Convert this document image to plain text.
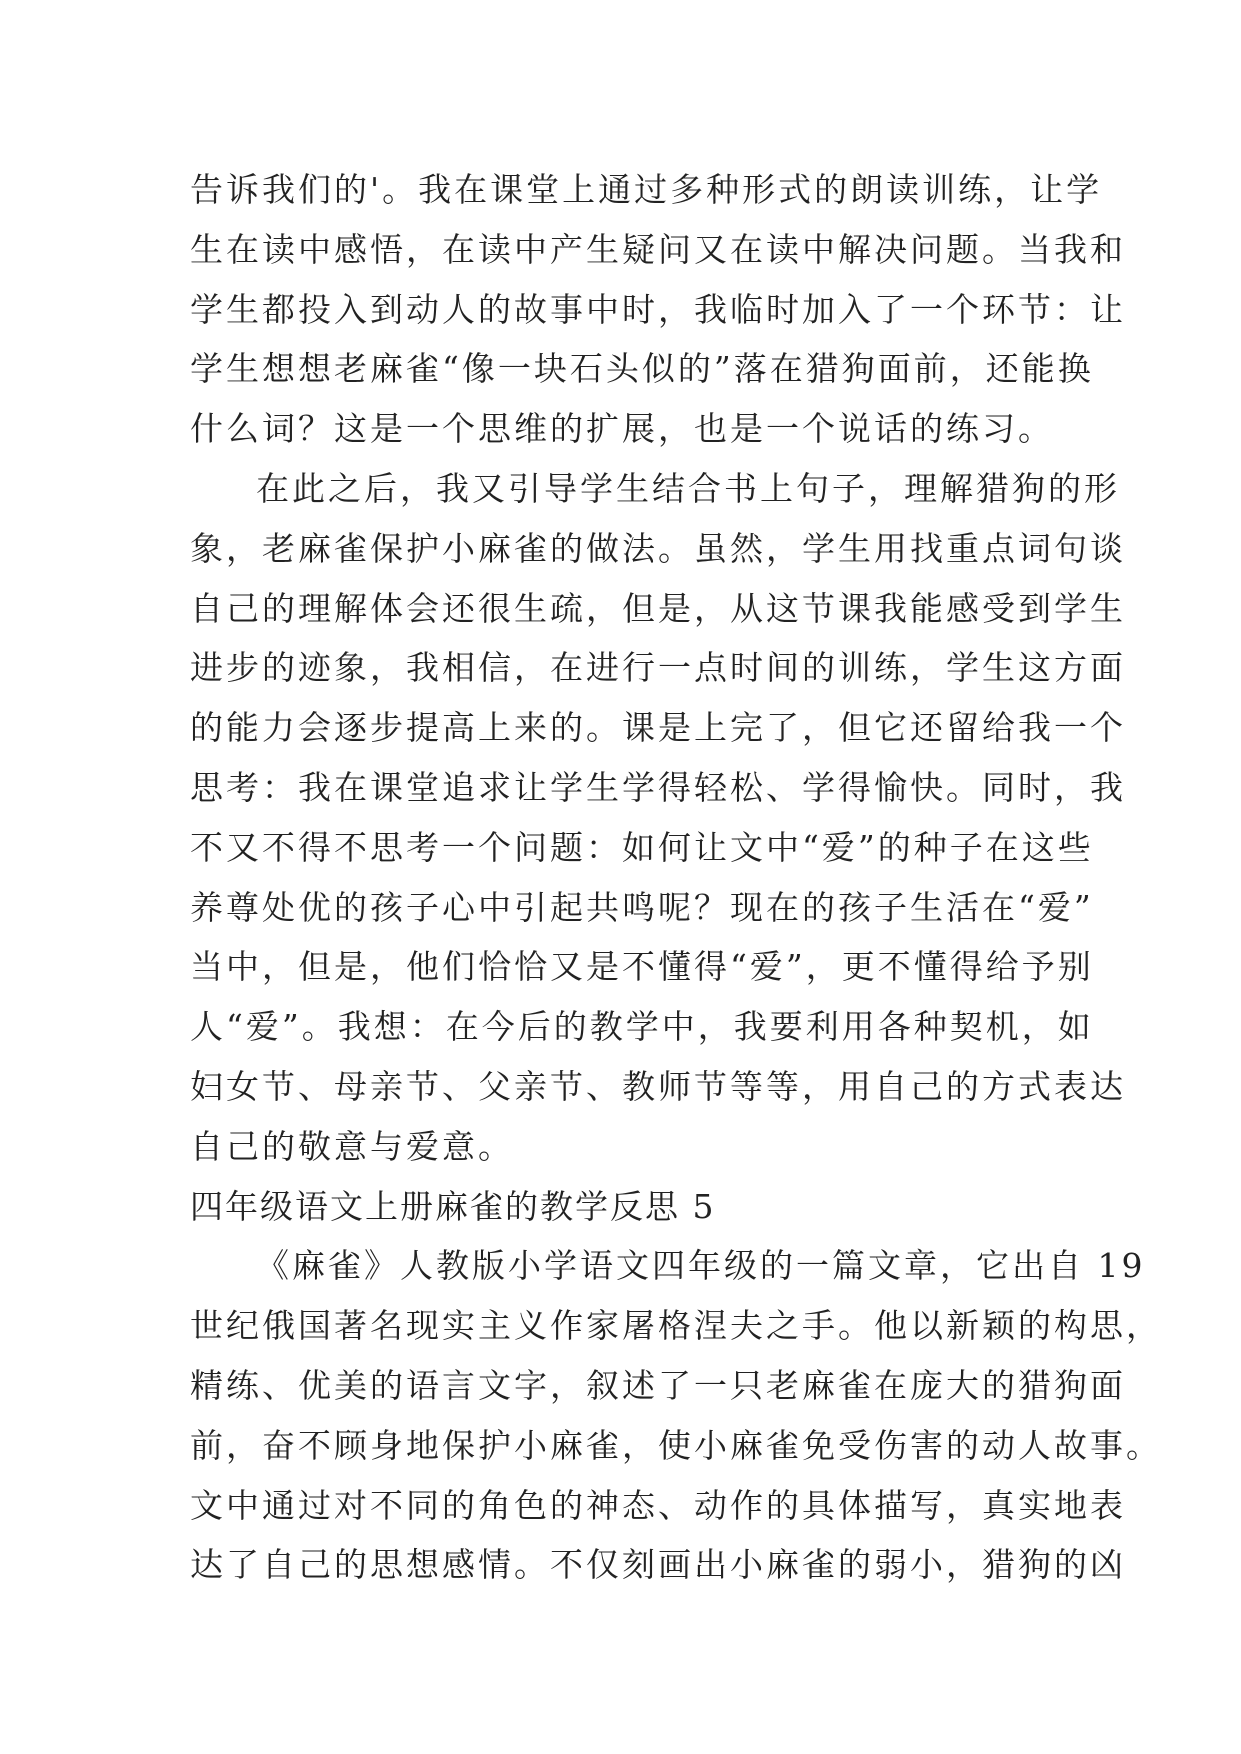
告诉我们的'。我在课堂上通过多种形式的朗读训练，让学
生在读中感悟，在读中产生疑问又在读中解决问题。当我和
学生都投入到动人的故事中时，我临时加入了一个环节：让
学生想想老麻雀“像一块石头似的”落在猎狗面前，还能换
什么词？这是一个思维的扩展，也是一个说话的练习。
在此之后，我又引导学生结合书上句子，理解猎狗的形
象，老麻雀保护小麻雀的做法。虽然，学生用找重点词句谈
自己的理解体会还很生疏，但是，从这节课我能感受到学生
进步的迹象，我相信，在进行一点时间的训练，学生这方面
的能力会逐步提高上来的。课是上完了，但它还留给我一个
思考：我在课堂追求让学生学得轻松、学得愉快。同时，我
不又不得不思考一个问题：如何让文中“爱”的种子在这些
养尊处优的孩子心中引起共鸣呢？现在的孩子生活在“爱”
当中，但是，他们恰恰又是不懂得“爱”，更不懂得给予别
人“爱”。我想：在今后的教学中，我要利用各种契机，如
妇女节、母亲节、父亲节、教师节等等，用自己的方式表达
自己的敬意与爱意。
四年级语文上册麻雀的教学反思 5
《麻雀》人教版小学语文四年级的一篇文章，它出自 19
世纪俄国著名现实主义作家屠格涅夫之手。他以新颖的构思，
精练、优美的语言文字，叙述了一只老麻雀在庞大的猎狗面
前，奋不顾身地保护小麻雀，使小麻雀免受伤害的动人故事。
文中通过对不同的角色的神态、动作的具体描写，真实地表
达了自己的思想感情。不仅刻画出小麻雀的弱小，猎狗的凶
